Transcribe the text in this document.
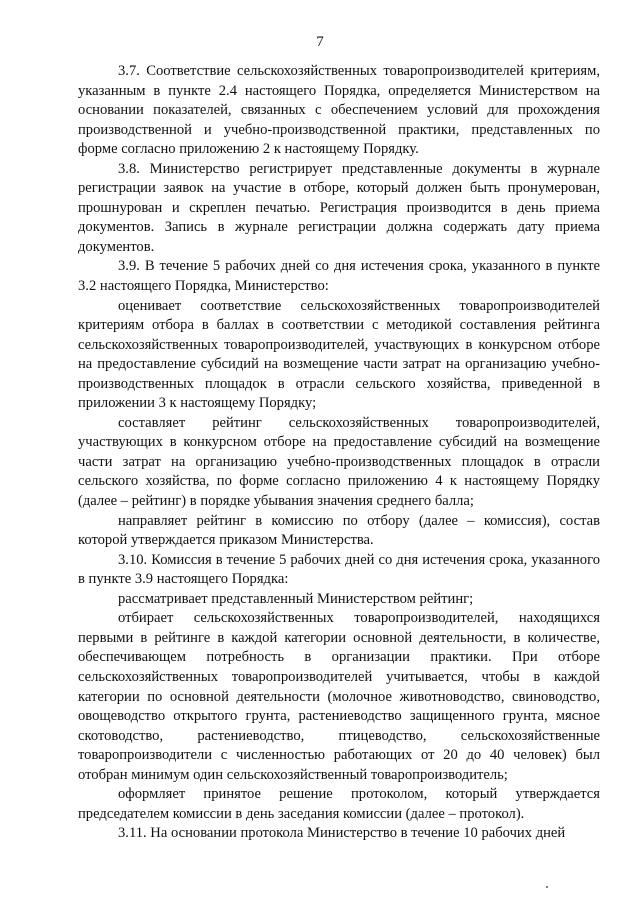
7

3.7. Соответствие сельскохозяйственных товаропроизводителей критериям, указанным в пункте 2.4 настоящего Порядка, определяется Министерством на основании показателей, связанных с обеспечением условий для прохождения производственной и учебно-производственной практики, представленных по форме согласно приложению 2 к настоящему Порядку.

3.8. Министерство регистрирует представленные документы в журнале регистрации заявок на участие в отборе, который должен быть пронумерован, прошнурован и скреплен печатью. Регистрация производится в день приема документов. Запись в журнале регистрации должна содержать дату приема документов.

3.9. В течение 5 рабочих дней со дня истечения срока, указанного в пункте 3.2 настоящего Порядка, Министерство:

оценивает соответствие сельскохозяйственных товаропроизводителей критериям отбора в баллах в соответствии с методикой составления рейтинга сельскохозяйственных товаропроизводителей, участвующих в конкурсном отборе на предоставление субсидий на возмещение части затрат на организацию учебно-производственных площадок в отрасли сельского хозяйства, приведенной в приложении 3 к настоящему Порядку;

составляет рейтинг сельскохозяйственных товаропроизводителей, участвующих в конкурсном отборе на предоставление субсидий на возмещение части затрат на организацию учебно-производственных площадок в отрасли сельского хозяйства, по форме согласно приложению 4 к настоящему Порядку (далее – рейтинг) в порядке убывания значения среднего балла;

направляет рейтинг в комиссию по отбору (далее – комиссия), состав которой утверждается приказом Министерства.

3.10. Комиссия в течение 5 рабочих дней со дня истечения срока, указанного в пункте 3.9 настоящего Порядка:

рассматривает представленный Министерством рейтинг;

отбирает сельскохозяйственных товаропроизводителей, находящихся первыми в рейтинге в каждой категории основной деятельности, в количестве, обеспечивающем потребность в организации практики. При отборе сельскохозяйственных товаропроизводителей учитывается, чтобы в каждой категории по основной деятельности (молочное животноводство, свиноводство, овощеводство открытого грунта, растениеводство защищенного грунта, мясное скотоводство, растениеводство, птицеводство, сельскохозяйственные товаропроизводители с численностью работающих от 20 до 40 человек) был отобран минимум один сельскохозяйственный товаропроизводитель;

оформляет принятое решение протоколом, который утверждается председателем комиссии в день заседания комиссии (далее – протокол).

3.11. На основании протокола Министерство в течение 10 рабочих дней
